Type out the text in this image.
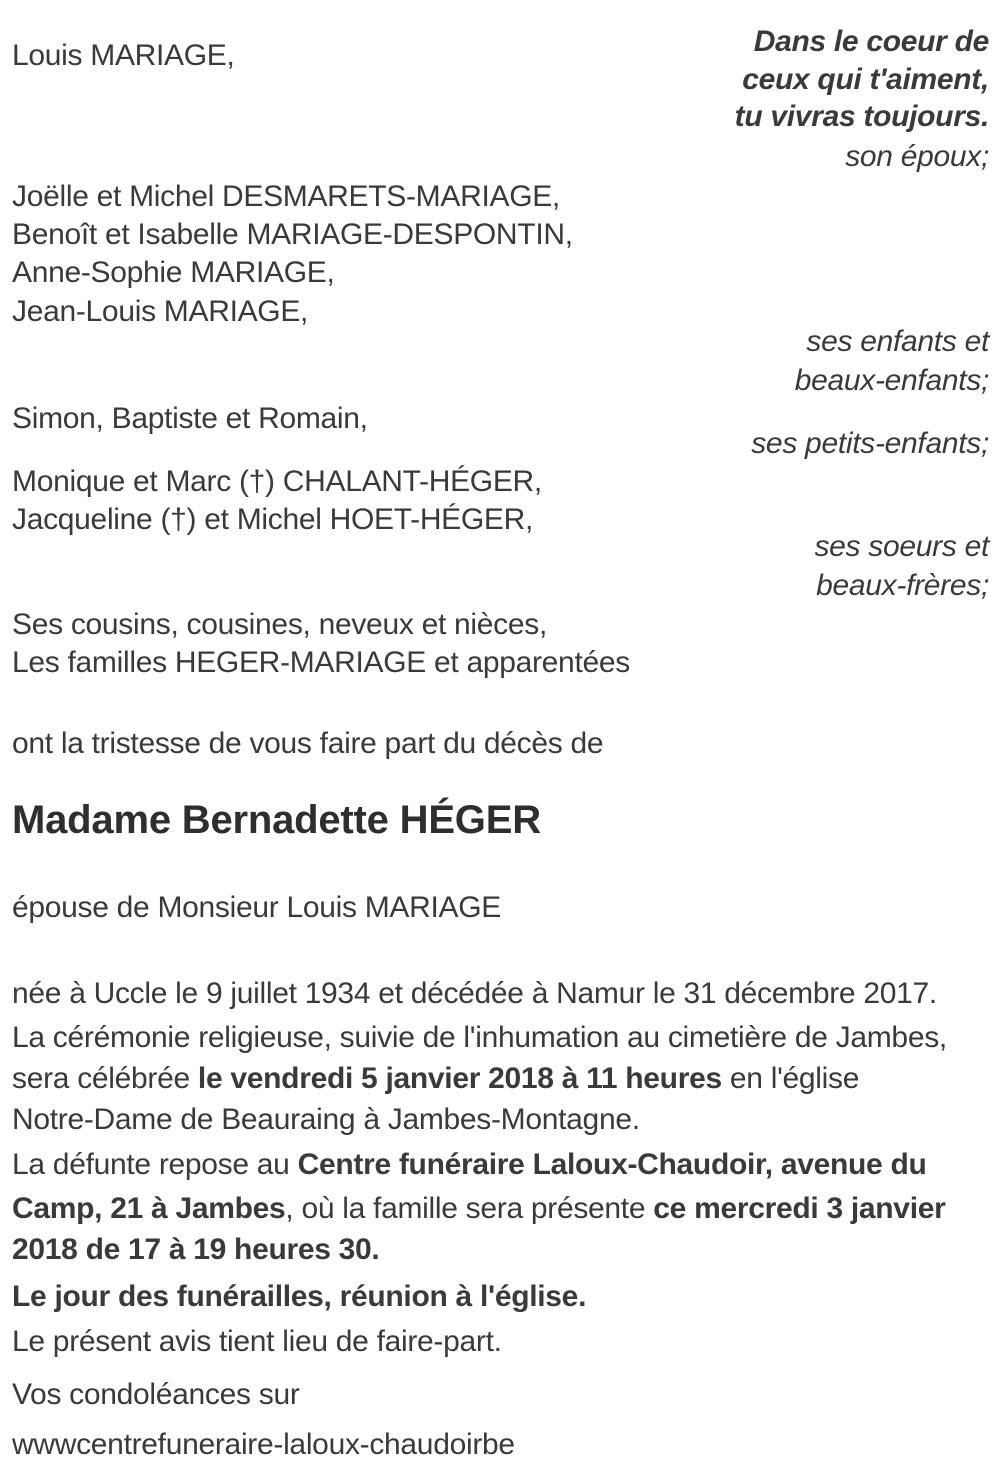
Louis MARIAGE,	Dans le coeur de
ceux qui t'aiment,
tu vivras toujours.
son époux;
Joëlle et Michel DESMARETS-MARIAGE,
Benoît et Isabelle MARIAGE-DESPONTIN,
Anne-Sophie MARIAGE,
Jean-Louis MARIAGE,
ses enfants et
beaux-enfants;
Simon, Baptiste et Romain,
ses petits-enfants;
Monique et Marc (†) CHALANT-HÉGER,
Jacqueline (†) et Michel HOET-HÉGER,
ses soeurs et
beaux-frères;
Ses cousins, cousines, neveux et nièces,
Les familles HEGER-MARIAGE et apparentées
ont la tristesse de vous faire part du décès de
Madame Bernadette HÉGER
épouse de Monsieur Louis MARIAGE
née à Uccle le 9 juillet 1934 et décédée à Namur le 31 décembre 2017.
La cérémonie religieuse, suivie de l'inhumation au cimetière de Jambes,
sera célébrée le vendredi 5 janvier 2018 à 11 heures en l'église
Notre-Dame de Beauraing à Jambes-Montagne.
La défunte repose au Centre funéraire Laloux-Chaudoir, avenue du
Camp, 21 à Jambes, où la famille sera présente ce mercredi 3 janvier
2018 de 17 à 19 heures 30.
Le jour des funérailles, réunion à l'église.
Le présent avis tient lieu de faire-part.
Vos condoléances sur
wwwcentrefuneraire-laloux-chaudoirbe
